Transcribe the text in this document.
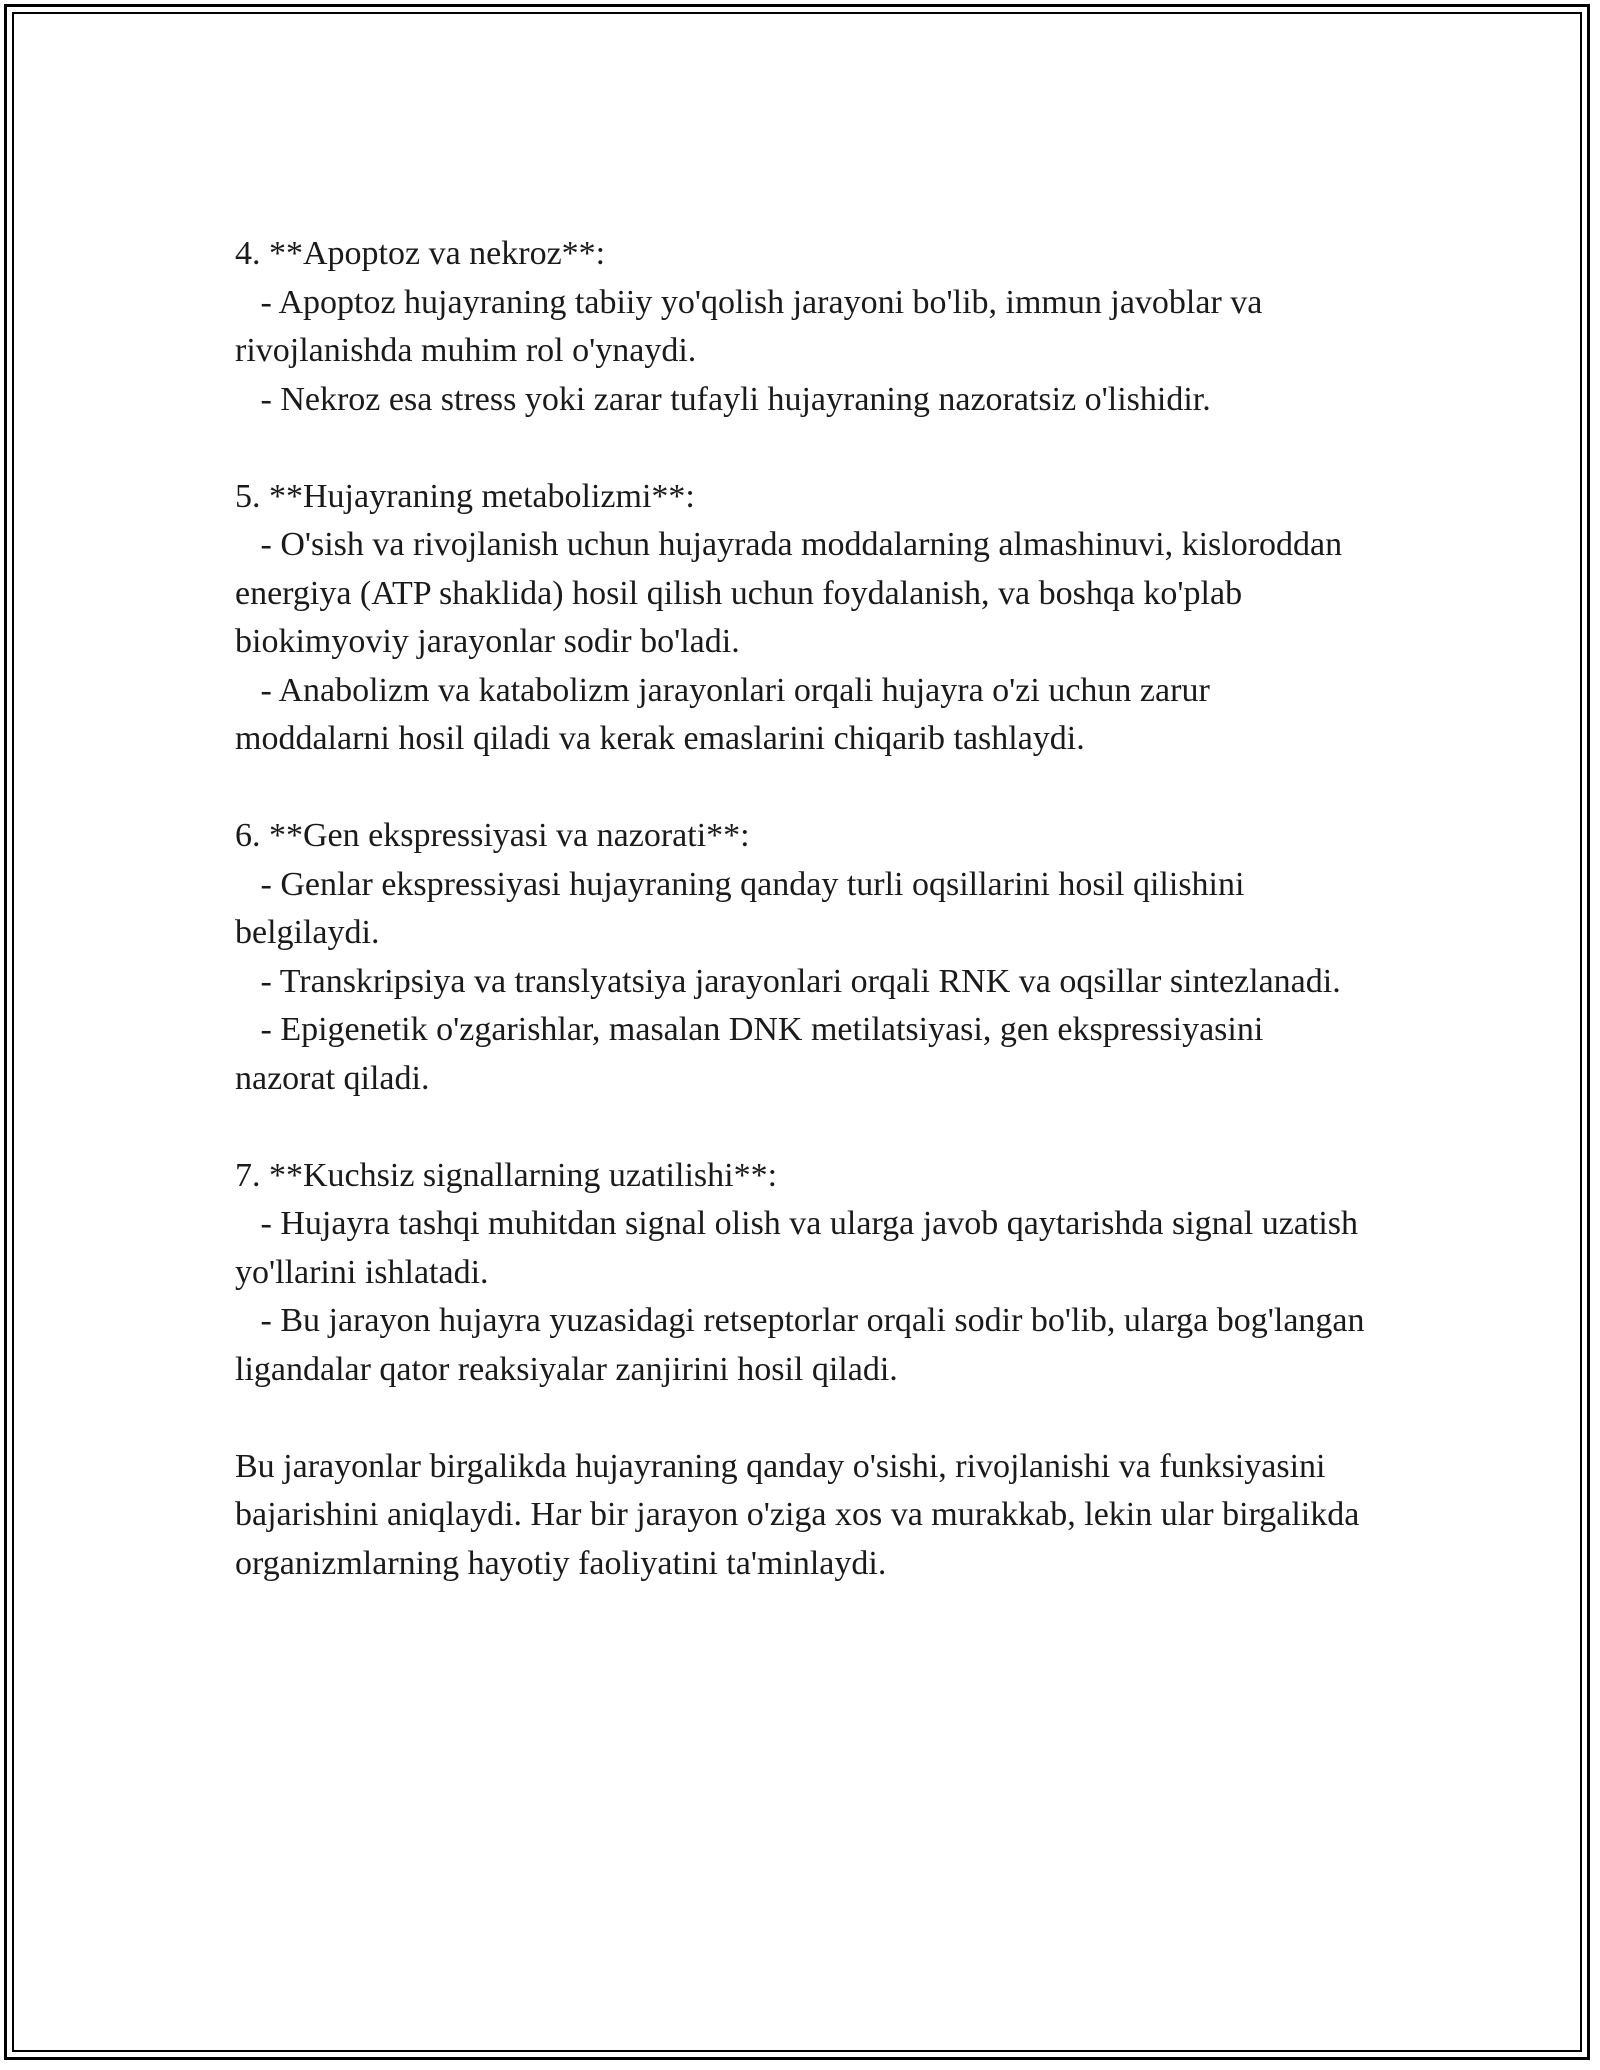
4. **Apoptoz va nekroz**:

- Apoptoz hujayraning tabiiy yo'qolish jarayoni bo'lib, immun javoblar va rivojlanishda muhim rol o'ynaydi.

- Nekroz esa stress yoki zarar tufayli hujayraning nazoratsiz o'lishidir.

5. **Hujayraning metabolizmi**:

- O'sish va rivojlanish uchun hujayrada moddalarning almashinuvi, kisloroddan energiya (ATP shaklida) hosil qilish uchun foydalanish, va boshqa ko'plab biokimyoviy jarayonlar sodir bo'ladi.

- Anabolizm va katabolizm jarayonlari orqali hujayra o'zi uchun zarur moddalarni hosil qiladi va kerak emaslarini chiqarib tashlaydi.

6. **Gen ekspressiyasi va nazorati**:

- Genlar ekspressiyasi hujayraning qanday turli oqsillarini hosil qilishini belgilaydi.

- Transkripsiya va translyatsiya jarayonlari orqali RNK va oqsillar sintezlanadi.

- Epigenetik o'zgarishlar, masalan DNK metilatsiyasi, gen ekspressiyasini nazorat qiladi.

7. **Kuchsiz signallarning uzatilishi**:

- Hujayra tashqi muhitdan signal olish va ularga javob qaytarishda signal uzatish yo'llarini ishlatadi.

- Bu jarayon hujayra yuzasidagi retseptorlar orqali sodir bo'lib, ularga bog'langan ligandalar qator reaksiyalar zanjirini hosil qiladi.

Bu jarayonlar birgalikda hujayraning qanday o'sishi, rivojlanishi va funksiyasini bajarishini aniqlaydi. Har bir jarayon o'ziga xos va murakkab, lekin ular birgalikda organizmlarning hayotiy faoliyatini ta'minlaydi.
